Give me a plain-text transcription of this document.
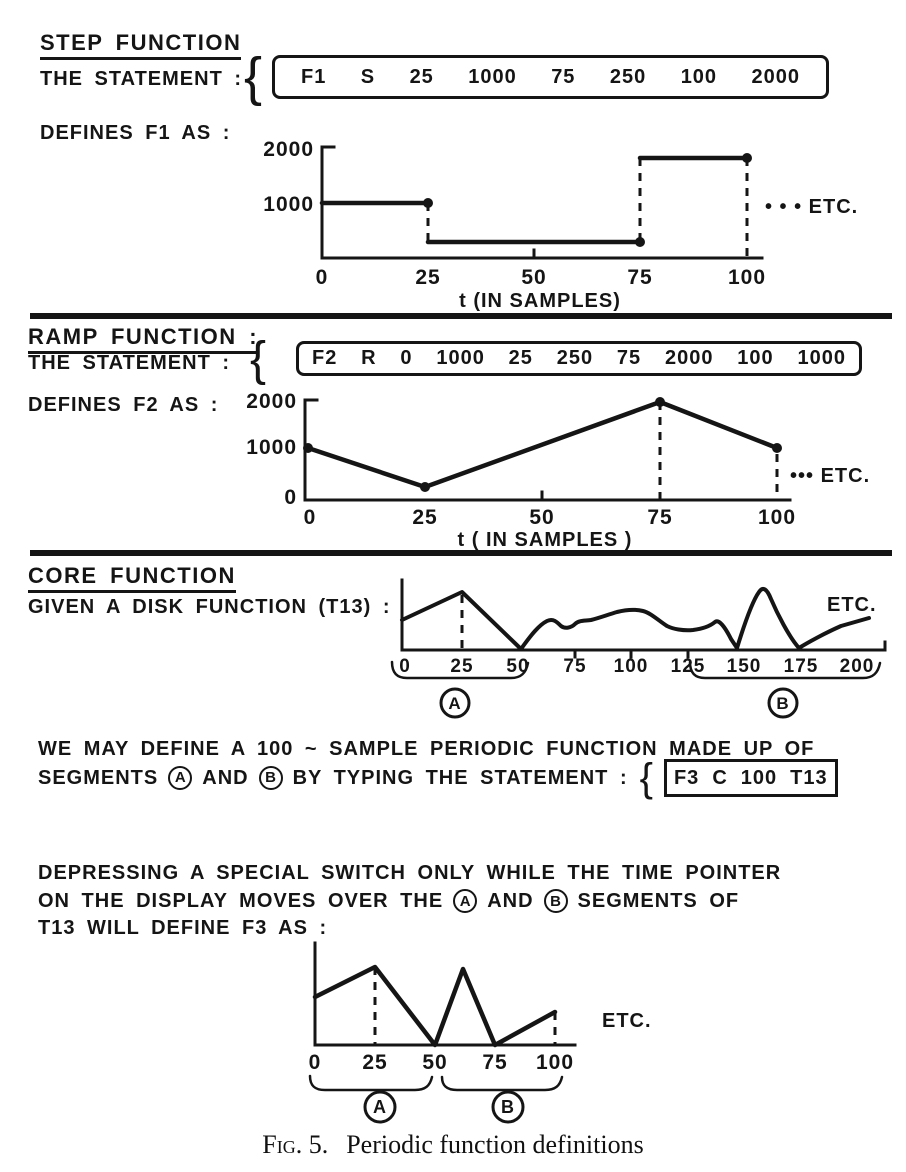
STEP FUNCTION
THE STATEMENT : { F1 S 25 1000 75 250 100 2000
DEFINES F1 AS :
2000
1000
0	25	50	75	100
• • • ETC.
t (IN SAMPLES)
RAMP FUNCTION :
THE STATEMENT : { F2 R 0 1000 25 250 75 2000 100 1000
DEFINES F2 AS : 2000
1000
0
0	25	50	75	100
••• ETC.
t ( IN SAMPLES )
CORE FUNCTION
GIVEN A DISK FUNCTION (T13) :
0 25 50 75 100 125 150 175 200
A	B
ETC.
WE MAY DEFINE A 100 ~ SAMPLE PERIODIC FUNCTION MADE UP OF
SEGMENTS	A AND	B BY TYPING THE STATEMENT : { F3 C 100 T13
DEPRESSING A SPECIAL SWITCH ONLY WHILE THE TIME POINTER
ON THE DISPLAY MOVES OVER THE	A AND	B SEGMENTS OF
T13 WILL DEFINE F3 AS :
0 25 50 75 100
A	B
ETC.
Fig. 5. Periodic function definitions
